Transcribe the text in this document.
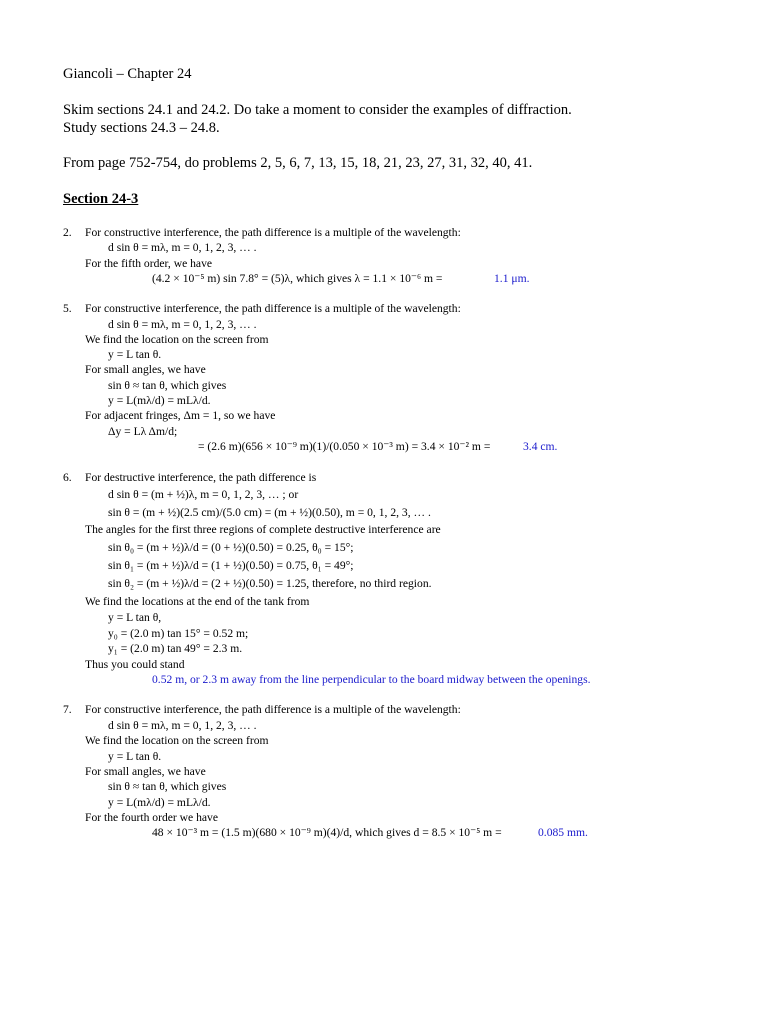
Giancoli – Chapter 24
Skim sections 24.1 and 24.2. Do take a moment to consider the examples of diffraction.
Study sections 24.3 – 24.8.
From page 752-754, do problems 2, 5, 6, 7, 13, 15, 18, 21, 23, 27, 31, 32, 40, 41.
Section 24-3
2. For constructive interference, the path difference is a multiple of the wavelength:
d sin θ = mλ, m = 0, 1, 2, 3, … .
For the fifth order, we have
(4.2 × 10⁻⁵ m) sin 7.8° = (5)λ, which gives λ = 1.1 × 10⁻⁶ m =	1.1 μm.
5. For constructive interference, the path difference is a multiple of the wavelength:
d sin θ = mλ, m = 0, 1, 2, 3, … .
We find the location on the screen from
y = L tan θ.
For small angles, we have
sin θ ≈ tan θ, which gives
y = L(mλ/d) = mLλ/d.
For adjacent fringes, Δm = 1, so we have
Δy = Lλ Δm/d;
= (2.6 m)(656 × 10⁻⁹ m)(1)/(0.050 × 10⁻³ m) = 3.4 × 10⁻² m =	3.4 cm.
6. For destructive interference, the path difference is
d sin θ = (m + ½)λ, m = 0, 1, 2, 3, … ; or
sin θ = (m + ½)(2.5 cm)/(5.0 cm) = (m + ½)(0.50), m = 0, 1, 2, 3, … .
The angles for the first three regions of complete destructive interference are
sin θ₀ = (m + ½)λ/d = (0 + ½)(0.50) = 0.25, θ₀ = 15°;
sin θ₁ = (m + ½)λ/d = (1 + ½)(0.50) = 0.75, θ₁ = 49°;
sin θ₂ = (m + ½)λ/d = (2 + ½)(0.50) = 1.25, therefore, no third region.
We find the locations at the end of the tank from
y = L tan θ,
y₀ = (2.0 m) tan 15° = 0.52 m;
y₁ = (2.0 m) tan 49° = 2.3 m.
Thus you could stand
0.52 m, or 2.3 m away from the line perpendicular to the board midway between the openings.
7. For constructive interference, the path difference is a multiple of the wavelength:
d sin θ = mλ, m = 0, 1, 2, 3, … .
We find the location on the screen from
y = L tan θ.
For small angles, we have
sin θ ≈ tan θ, which gives
y = L(mλ/d) = mLλ/d.
For the fourth order we have
48 × 10⁻³ m = (1.5 m)(680 × 10⁻⁹ m)(4)/d, which gives d = 8.5 × 10⁻⁵ m =	0.085 mm.
